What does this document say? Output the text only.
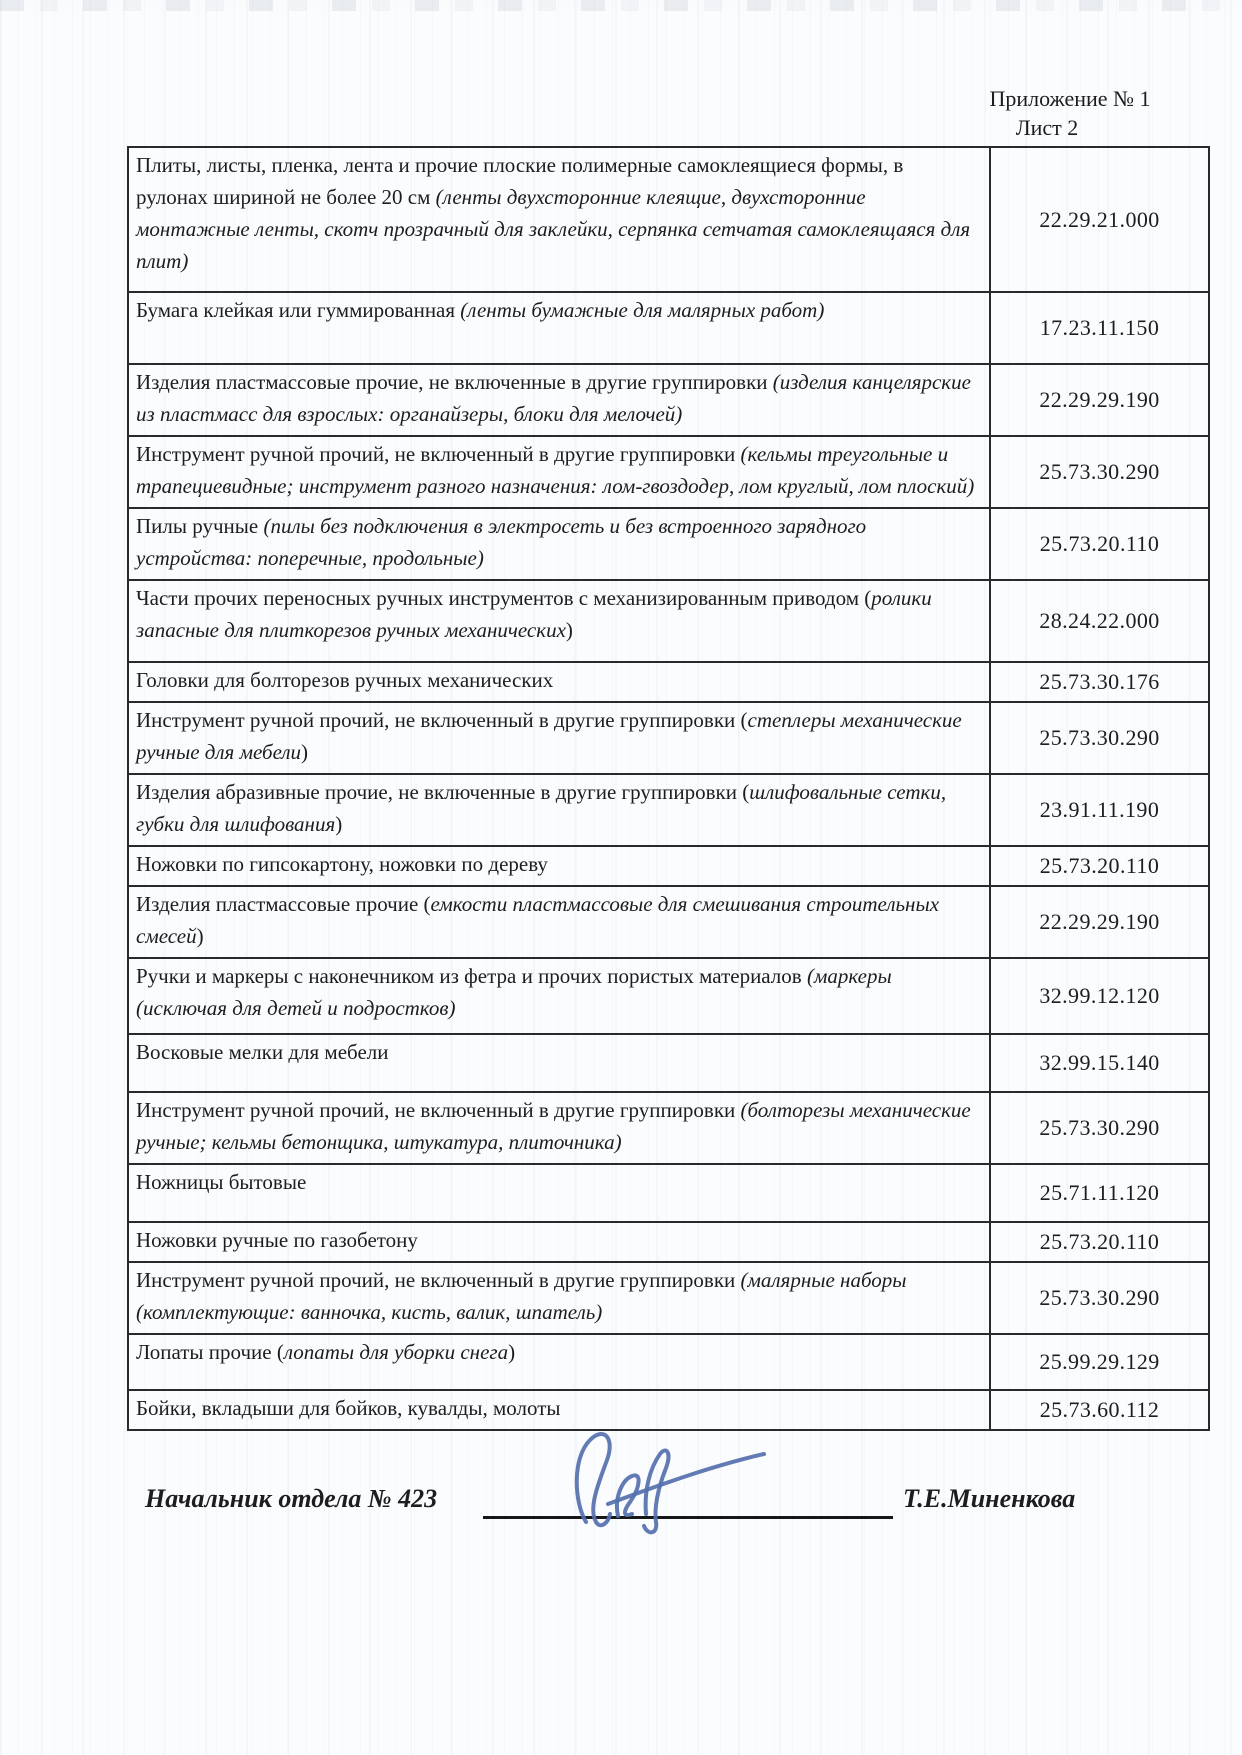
Приложение № 1
Лист 2
Плиты, листы, пленка, лента и прочие плоские полимерные самоклеящиеся формы, в рулонах шириной не более 20 см (ленты двухсторонние клеящие, двухсторонние монтажные ленты, скотч прозрачный для заклейки, серпянка сетчатая самоклеящаяся для плит)	22.29.21.000
Бумага клейкая или гуммированная (ленты бумажные для малярных работ)	17.23.11.150
Изделия пластмассовые прочие, не включенные в другие группировки (изделия канцелярские из пластмасс для взрослых: органайзеры, блоки для мелочей)	22.29.29.190
Инструмент ручной прочий, не включенный в другие группировки (кельмы треугольные и трапециевидные; инструмент разного назначения: лом-гвоздодер, лом круглый, лом плоский)	25.73.30.290
Пилы ручные (пилы без подключения в электросеть и без встроенного зарядного устройства: поперечные, продольные)	25.73.20.110
Части прочих переносных ручных инструментов с механизированным приводом (ролики запасные для плиткорезов ручных механических)	28.24.22.000
Головки для болторезов ручных механических	25.73.30.176
Инструмент ручной прочий, не включенный в другие группировки (степлеры механические ручные для мебели)	25.73.30.290
Изделия абразивные прочие, не включенные в другие группировки (шлифовальные сетки, губки для шлифования)	23.91.11.190
Ножовки по гипсокартону, ножовки по дереву	25.73.20.110
Изделия пластмассовые прочие (емкости пластмассовые для смешивания строительных смесей)	22.29.29.190
Ручки и маркеры с наконечником из фетра и прочих пористых материалов (маркеры (исключая для детей и подростков)	32.99.12.120
Восковые мелки для мебели	32.99.15.140
Инструмент ручной прочий, не включенный в другие группировки (болторезы механические ручные; кельмы бетонщика, штукатура, плиточника)	25.73.30.290
Ножницы бытовые	25.71.11.120
Ножовки ручные по газобетону	25.73.20.110
Инструмент ручной прочий, не включенный в другие группировки (малярные наборы (комплектующие: ванночка, кисть, валик, шпатель)	25.73.30.290
Лопаты прочие (лопаты для уборки снега)	25.99.29.129
Бойки, вкладыши для бойков, кувалды, молоты	25.73.60.112
Начальник отдела № 423	Т.Е.Миненкова
